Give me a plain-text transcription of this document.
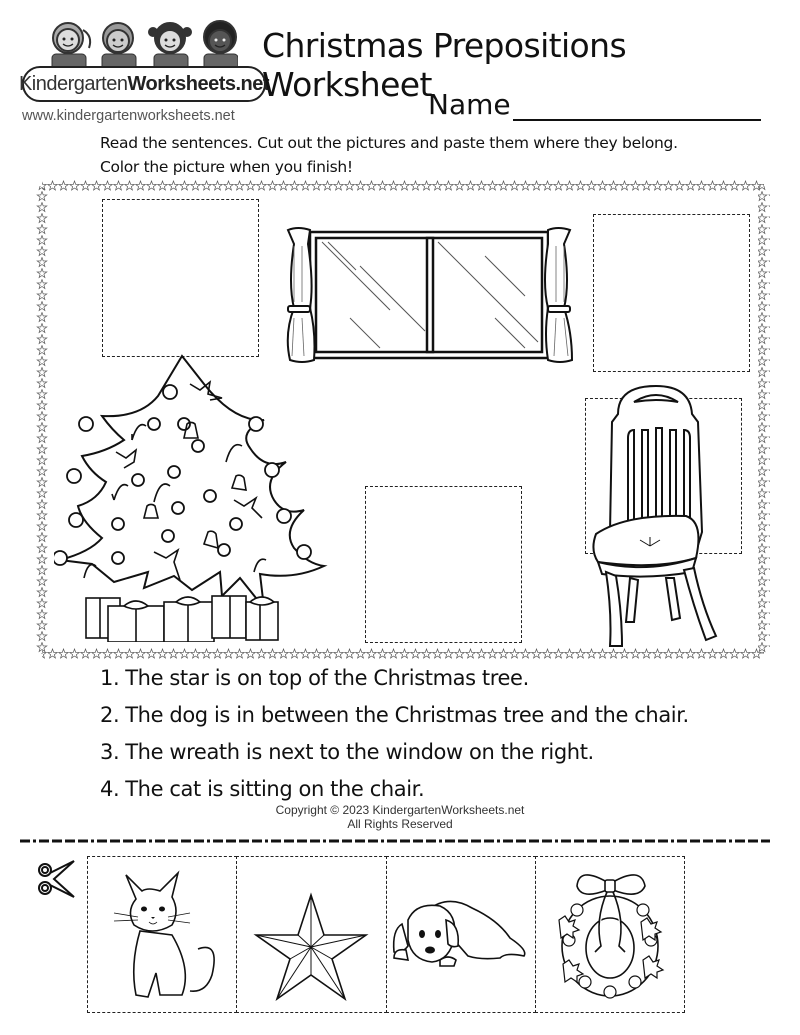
Kindergarten Worksheets.net
www.kindergartenworksheets.net
Christmas Prepositions Worksheet
Name
Read the sentences. Cut out the pictures and paste them where they belong.
Color the picture when you finish!
1. The star is on top of the Christmas tree.
2. The dog is in between the Christmas tree and the chair.
3. The wreath is next to the window on the right.
4. The cat is sitting on the chair.
Copyright © 2023 KindergartenWorksheets.net
All Rights Reserved
